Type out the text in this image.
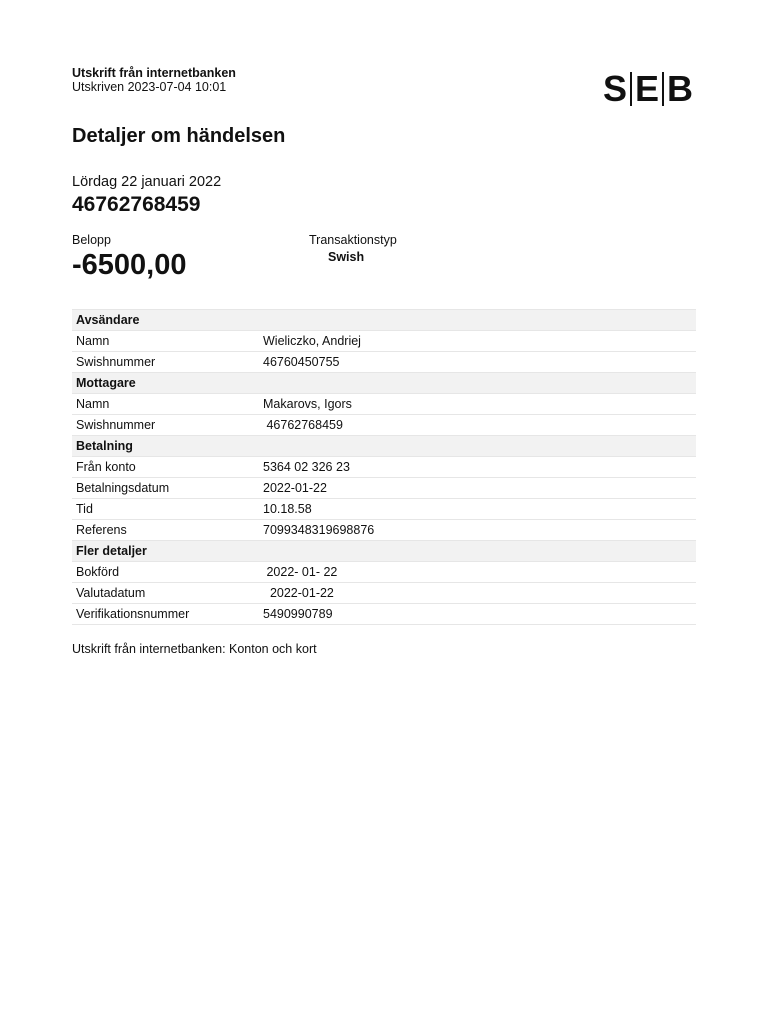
Utskrift från internetbanken
Utskriven 2023-07-04 10:01	S E B
Detaljer om händelsen
Lördag 22 januari 2022
46762768459
Belopp
-6500,00
Transaktionstyp
Swish
Avsändare	
Namn	Wieliczko, Andriej
Swishnummer	46760450755
Mottagare	
Namn	Makarovs, Igors
Swishnummer	46762768459
Betalning	
Från konto	5364 02 326 23
Betalningsdatum	2022-01-22
Tid	10.18.58
Referens	7099348319698876
Fler detaljer	
Bokförd	2022- 01- 22
Valutadatum	2022-01-22
Verifikationsnummer	5490990789
Utskrift från internetbanken: Konton och kort
